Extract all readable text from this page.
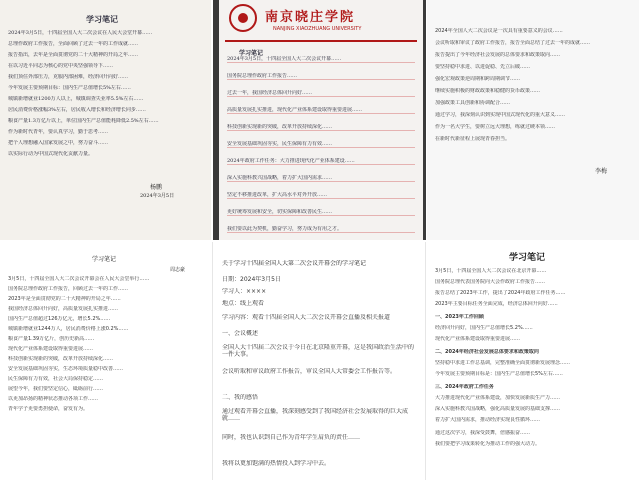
学习笔记
2024年3月5日，十四届全国人大二次会议在人民大会堂开幕……
总理作政府工作报告，全面回顾了过去一年的工作成就……
报告指出，去年是全面贯彻党的二十大精神的开局之年……
在以习近平同志为核心的党中央坚强领导下……
我们顶住外部压力，克服内部困难，经济回升向好……
今年发展主要预期目标：国内生产总值增长5%左右……
城镇新增就业1200万人以上，城镇调查失业率5.5%左右……
居民消费价格涨幅3%左右，居民收入增长和经济增长同步……
粮食产量1.3万亿斤以上，单位国内生产总值能耗降低2.5%左右……
作为新时代青年，要认真学习，勤于思考……
把个人理想融入国家发展之中，努力奋斗……
以实际行动为中国式现代化贡献力量。
杨鹏
2024年3月5日
南京晓庄学院
NANJING XIAOZHUANG UNIVERSITY
学习笔记
2024年3月5日，十四届全国人大二次会议开幕……
国务院总理作政府工作报告……
过去一年，我国经济总体回升向好……
高质量发展扎实推进，现代化产业体系建设取得重要进展……
科技创新实现新的突破，改革开放持续深化……
安全发展基础巩固夯实，民生保障有力有效……
2024年政府工作任务：大力推进现代化产业体系建设……
深入实施科教兴国战略，着力扩大国内需求……
坚定不移推进改革，扩大高水平对外开放……
更好统筹发展和安全，切实保障和改善民生……
我们要以此为契机，勤奋学习，努力成为有用之才。
2024年全国人大二次会议是一次具有重要意义的会议……
会议听取和审议了政府工作报告，报告全面总结了过去一年的成就……
报告提出了今年经济社会发展的总体要求和政策取向……
要坚持稳中求进、以进促稳、先立后破……
强化宏观政策逆周期和跨周期调节……
继续实施积极的财政政策和稳健的货币政策……
加强政策工具创新和协调配合……
通过学习，我深刻认识到实现中国式现代化的重大意义……
作为一名大学生，要树立远大理想，练就过硬本领……
在新时代新征程上展现青春担当。
李梅
学习笔记
周志豪
3月5日，十四届全国人大二次会议开幕会在人民大会堂举行……
国务院总理作政府工作报告，回顾过去一年的工作……
2023年是全面贯彻党的二十大精神的开局之年……
我国经济总体回升向好，高质量发展扎实推进……
国内生产总值超过126万亿元，增长5.2%……
城镇新增就业1244万人，居民消费价格上涨0.2%……
粮食产量1.39万亿斤，创历史新高……
现代化产业体系建设取得重要进展……
科技创新实现新的突破，改革开放持续深化……
安全发展基础巩固夯实，生态环境质量稳中改善……
民生保障有力有效，社会大局保持稳定……
展望今年，我们要坚定信心，砥砺前行……
以更加昂扬的精神状态推动各项工作……
青年学子更要勇担使命，奋发有为。
关于学习十四届全国人大第二次会议开幕会的学习笔记
日期：2024年3月5日
学习人：××××
地点：线上观看
学习内容：观看十四届全国人大二次会议开幕会直播及相关报道
一、会议概述
全国人大十四届二次会议于今日在北京隆重开幕，这是我国政治生活中的一件大事。
会议听取和审议政府工作报告，审议全国人大常委会工作报告等。
二、我的感悟
通过观看开幕会直播，我深刻感受到了我国经济社会发展取得的巨大成就……
同时，我也认识到自己作为青年学生肩负的责任……
我将以更加饱满的热情投入到学习中去。
学习笔记
3月5日，十四届全国人大二次会议在北京开幕……
国务院总理代表国务院向大会作政府工作报告……
报告总结了2023年工作，提出了2024年政府工作任务……
2023年主要目标任务全面完成，经济总体回升向好……
一、2023年工作回顾
经济回升向好，国内生产总值增长5.2%……
现代化产业体系建设取得重要进展……
二、2024年经济社会发展总体要求和政策取向
坚持稳中求进工作总基调，完整准确全面贯彻新发展理念……
今年发展主要预期目标是：国内生产总值增长5%左右……
三、2024年政府工作任务
大力推进现代化产业体系建设，加快发展新质生产力……
深入实施科教兴国战略，强化高质量发展的基础支撑……
着力扩大国内需求，推动经济实现良性循环……
通过这次学习，我深受鼓舞，倍感振奋……
我们要把学习成果转化为推动工作的强大动力。
